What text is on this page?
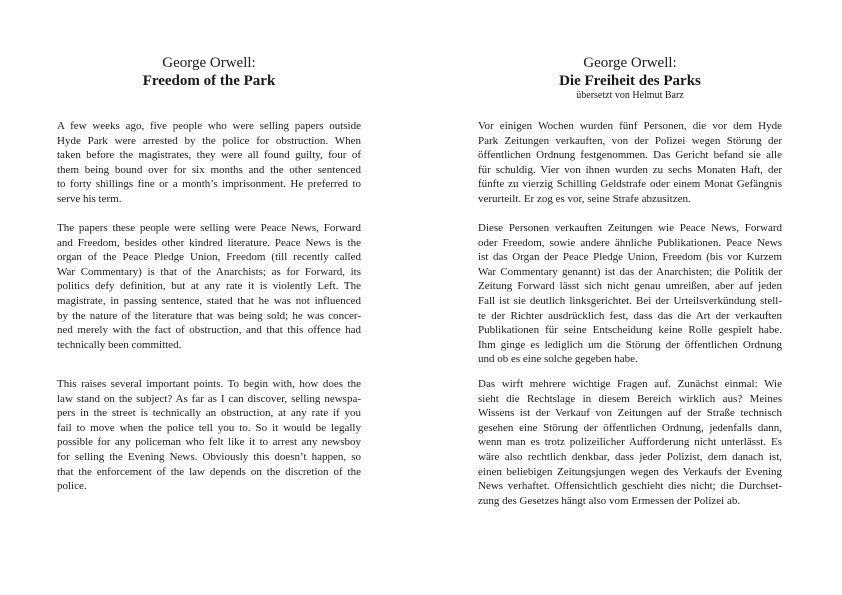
George Orwell:
Freedom of the Park
A few weeks ago, five people who were selling papers outside
Hyde Park were arrested by the police for obstruction. When
taken before the magistrates, they were all found guilty, four of
them being bound over for six months and the other sentenced
to forty shillings fine or a month’s imprisonment. He preferred to
serve his term.
The papers these people were selling were Peace News, Forward
and Freedom, besides other kindred literature. Peace News is the
organ of the Peace Pledge Union, Freedom (till recently called
War Commentary) is that of the Anarchists; as for Forward, its
politics defy definition, but at any rate it is violently Left. The
magistrate, in passing sentence, stated that he was not influenced
by the nature of the literature that was being sold; he was concer-
ned merely with the fact of obstruction, and that this offence had
technically been committed.
This raises several important points. To begin with, how does the
law stand on the subject? As far as I can discover, selling newspa-
pers in the street is technically an obstruction, at any rate if you
fail to move when the police tell you to. So it would be legally
possible for any policeman who felt like it to arrest any newsboy
for selling the Evening News. Obviously this doesn’t happen, so
that the enforcement of the law depends on the discretion of the
police.
George Orwell:
Die Freiheit des Parks
übersetzt von Helmut Barz
Vor einigen Wochen wurden fünf Personen, die vor dem Hyde
Park Zeitungen verkauften, von der Polizei wegen Störung der
öffentlichen Ordnung festgenommen. Das Gericht befand sie alle
für schuldig. Vier von ihnen wurden zu sechs Monaten Haft, der
fünfte zu vierzig Schilling Geldstrafe oder einem Monat Gefängnis
verurteilt. Er zog es vor, seine Strafe abzusitzen.
Diese Personen verkauften Zeitungen wie Peace News, Forward
oder Freedom, sowie andere ähnliche Publikationen. Peace News
ist das Organ der Peace Pledge Union, Freedom (bis vor Kurzem
War Commentary genannt) ist das der Anarchisten; die Politik der
Zeitung Forward lässt sich nicht genau umreißen, aber auf jeden
Fall ist sie deutlich linksgerichtet. Bei der Urteilsverkündung stell-
te der Richter ausdrücklich fest, dass das die Art der verkauften
Publikationen für seine Entscheidung keine Rolle gespielt habe.
Ihm ginge es lediglich um die Störung der öffentlichen Ordnung
und ob es eine solche gegeben habe.
Das wirft mehrere wichtige Fragen auf. Zunächst einmal: Wie
sieht die Rechtslage in diesem Bereich wirklich aus? Meines
Wissens ist der Verkauf von Zeitungen auf der Straße technisch
gesehen eine Störung der öffentlichen Ordnung, jedenfalls dann,
wenn man es trotz polizeilicher Aufforderung nicht unterlässt. Es
wäre also rechtlich denkbar, dass jeder Polizist, dem danach ist,
einen beliebigen Zeitungsjungen wegen des Verkaufs der Evening
News verhaftet. Offensichtlich geschieht dies nicht; die Durchset-
zung des Gesetzes hängt also vom Ermessen der Polizei ab.
